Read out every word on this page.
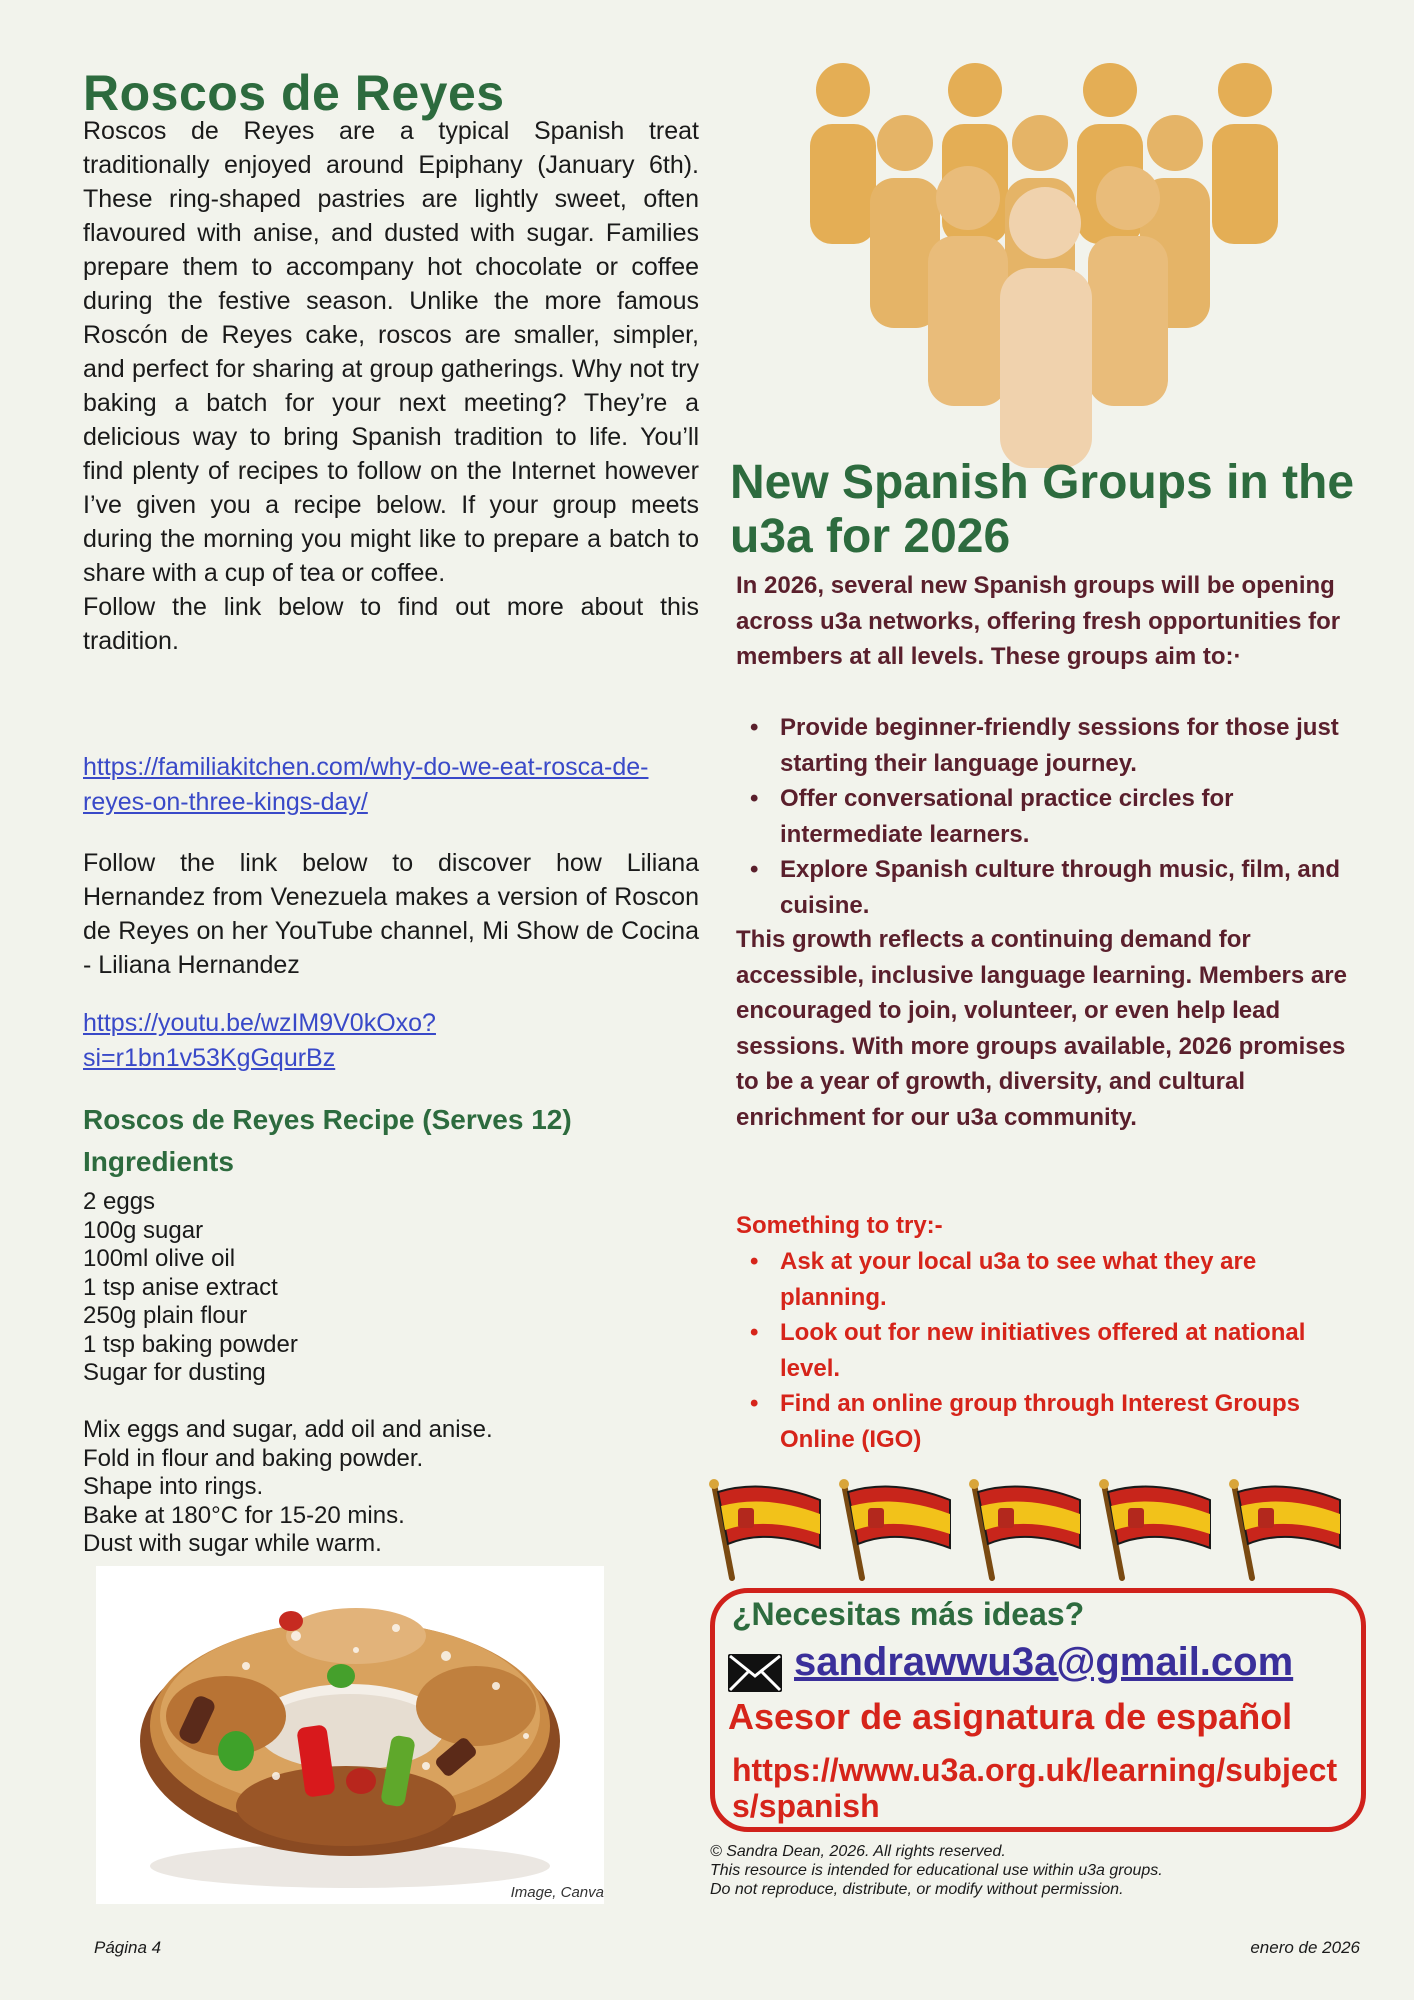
Roscos de Reyes
Roscos de Reyes are a typical Spanish treat traditionally enjoyed around Epiphany (January 6th). These ring-shaped pastries are lightly sweet, often flavoured with anise, and dusted with sugar. Families prepare them to accompany hot chocolate or coffee during the festive season. Unlike the more famous Roscón de Reyes cake, roscos are smaller, simpler, and perfect for sharing at group gatherings. Why not try baking a batch for your next meeting? They’re a delicious way to bring Spanish tradition to life. You’ll find plenty of recipes to follow on the Internet however I’ve given you a recipe below. If your group meets during the morning you might like to prepare a batch to share with a cup of tea or coffee.
Follow the link below to find out more about this tradition.
https://familiakitchen.com/why-do-we-eat-rosca-de-reyes-on-three-kings-day/

Follow the link below to discover how Liliana Hernandez from Venezuela makes a version of Roscon de Reyes on her YouTube channel, Mi Show de Cocina - Liliana Hernandez

https://youtu.be/wzIM9V0kOxo?si=r1bn1v53KgGqurBz
Roscos de Reyes Recipe (Serves 12)
Ingredients
2 eggs
100g sugar
100ml olive oil
1 tsp anise extract
250g plain flour
1 tsp baking powder
Sugar for dusting
Mix eggs and sugar, add oil and anise.
Fold in flour and baking powder.
Shape into rings.
Bake at 180°C for 15-20 mins.
Dust with sugar while warm.
Image, Canva
New Spanish Groups in the u3a for 2026

In 2026, several new Spanish groups will be opening across u3a networks, offering fresh opportunities for members at all levels. These groups aim to:·

• Provide beginner-friendly sessions for those just starting their language journey.
• Offer conversational practice circles for intermediate learners.
• Explore Spanish culture through music, film, and cuisine.

This growth reflects a continuing demand for accessible, inclusive language learning. Members are encouraged to join, volunteer, or even help lead sessions. With more groups available, 2026 promises to be a year of growth, diversity, and cultural enrichment for our u3a community.

Something to try:-

• Ask at your local u3a to see what they are planning.
• Look out for new initiatives offered at national level.
• Find an online group through Interest Groups Online (IGO)

¿Necesitas más ideas?

sandrawwu3a@gmail.com

Asesor de asignatura de español

https://www.u3a.org.uk/learning/subjects/spanish
© Sandra Dean, 2026. All rights reserved.
This resource is intended for educational use within u3a groups.
Do not reproduce, distribute, or modify without permission.
Página 4	enero de 2026
